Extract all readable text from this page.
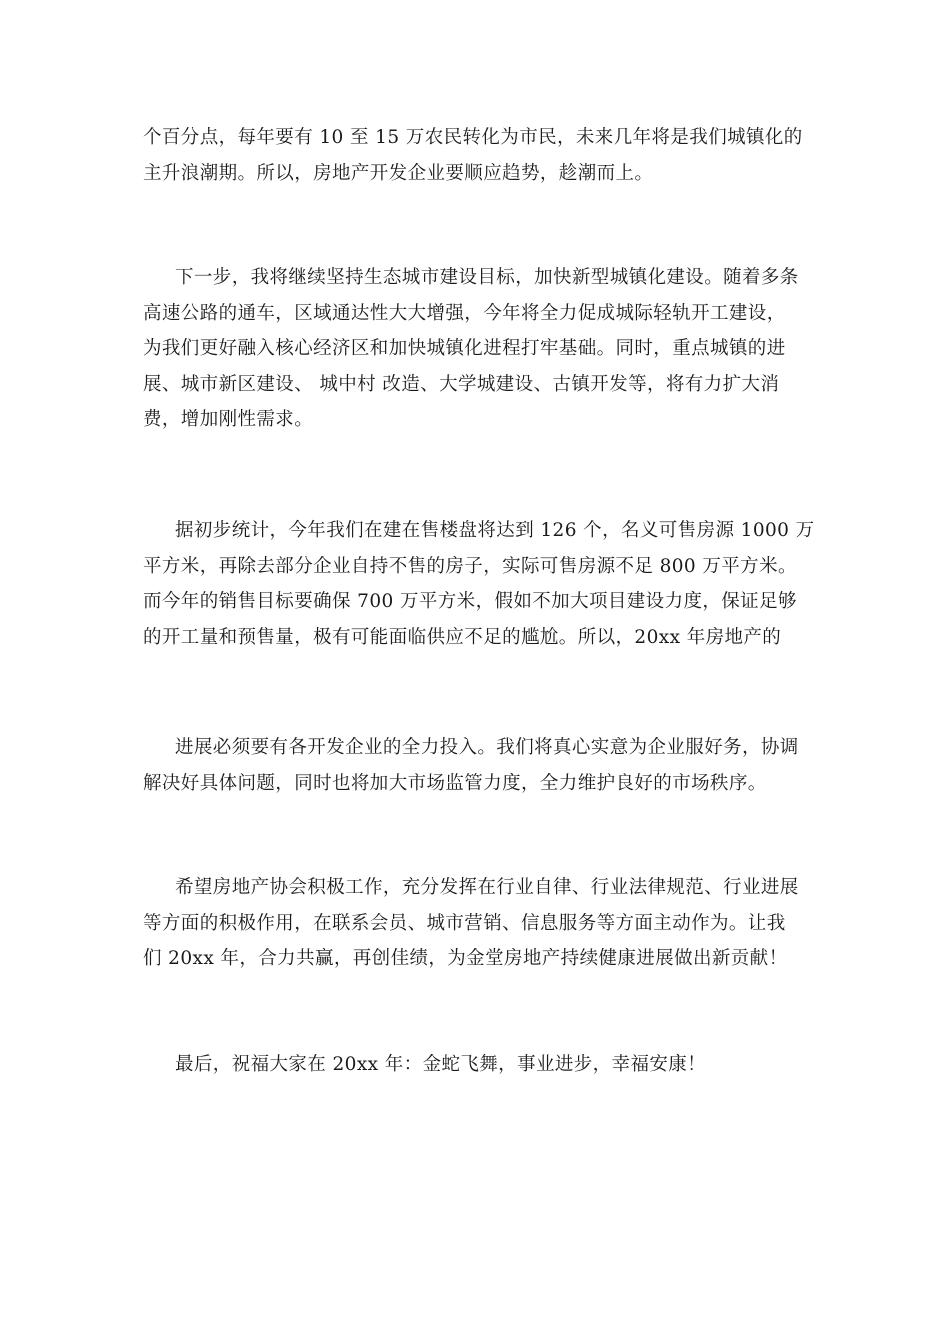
个百分点，每年要有 10 至 15 万农民转化为市民，未来几年将是我们城镇化的
主升浪潮期。所以，房地产开发企业要顺应趋势，趁潮而上。

下一步，我将继续坚持生态城市建设目标，加快新型城镇化建设。随着多条
高速公路的通车，区域通达性大大增强，今年将全力促成城际轻轨开工建设，
为我们更好融入核心经济区和加快城镇化进程打牢基础。同时，重点城镇的进
展、城市新区建设、 城中村 改造、大学城建设、古镇开发等，将有力扩大消
费，增加刚性需求。

据初步统计，今年我们在建在售楼盘将达到 126 个，名义可售房源 1000 万
平方米，再除去部分企业自持不售的房子，实际可售房源不足 800 万平方米。
而今年的销售目标要确保 700 万平方米，假如不加大项目建设力度，保证足够
的开工量和预售量，极有可能面临供应不足的尴尬。所以，20xx 年房地产的

进展必须要有各开发企业的全力投入。我们将真心实意为企业服好务，协调
解决好具体问题，同时也将加大市场监管力度，全力维护良好的市场秩序。

希望房地产协会积极工作，充分发挥在行业自律、行业法律规范、行业进展
等方面的积极作用，在联系会员、城市营销、信息服务等方面主动作为。让我
们 20xx 年，合力共赢，再创佳绩，为金堂房地产持续健康进展做出新贡献！

最后，祝福大家在 20xx 年：金蛇飞舞，事业进步，幸福安康！
